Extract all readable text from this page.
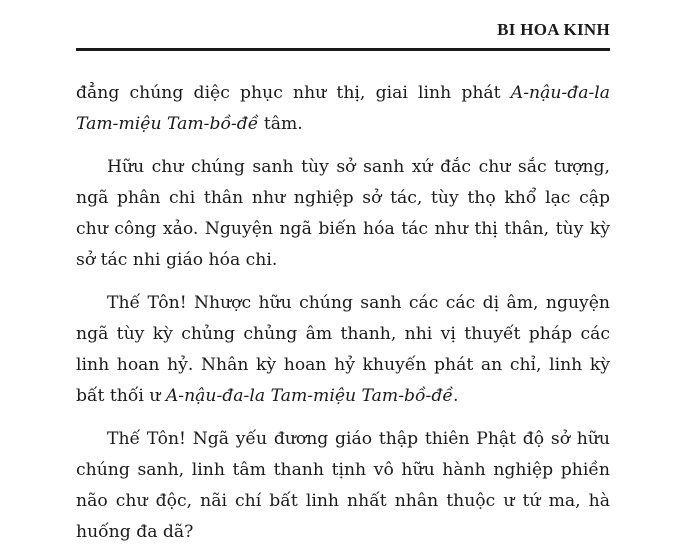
BI HOA KINH

đẳng chúng diệc phục như thị, giai linh phát A-nậu-đa-la
Tam-miệu Tam-bồ-đề tâm.

Hữu chư chúng sanh tùy sở sanh xứ đắc chư sắc tượng,
ngã phân chi thân như nghiệp sở tác, tùy thọ khổ lạc cập
chư công xảo. Nguyện ngã biến hóa tác như thị thân, tùy kỳ
sở tác nhi giáo hóa chi.

Thế Tôn! Nhược hữu chúng sanh các các dị âm, nguyện
ngã tùy kỳ chủng chủng âm thanh, nhi vị thuyết pháp các
linh hoan hỷ. Nhân kỳ hoan hỷ khuyến phát an chỉ, linh kỳ
bất thối ư A-nậu-đa-la Tam-miệu Tam-bồ-đề.

Thế Tôn! Ngã yếu đương giáo thập thiên Phật độ sở hữu
chúng sanh, linh tâm thanh tịnh vô hữu hành nghiệp phiền
não chư độc, nãi chí bất linh nhất nhân thuộc ư tứ ma, hà
huống đa dã?
